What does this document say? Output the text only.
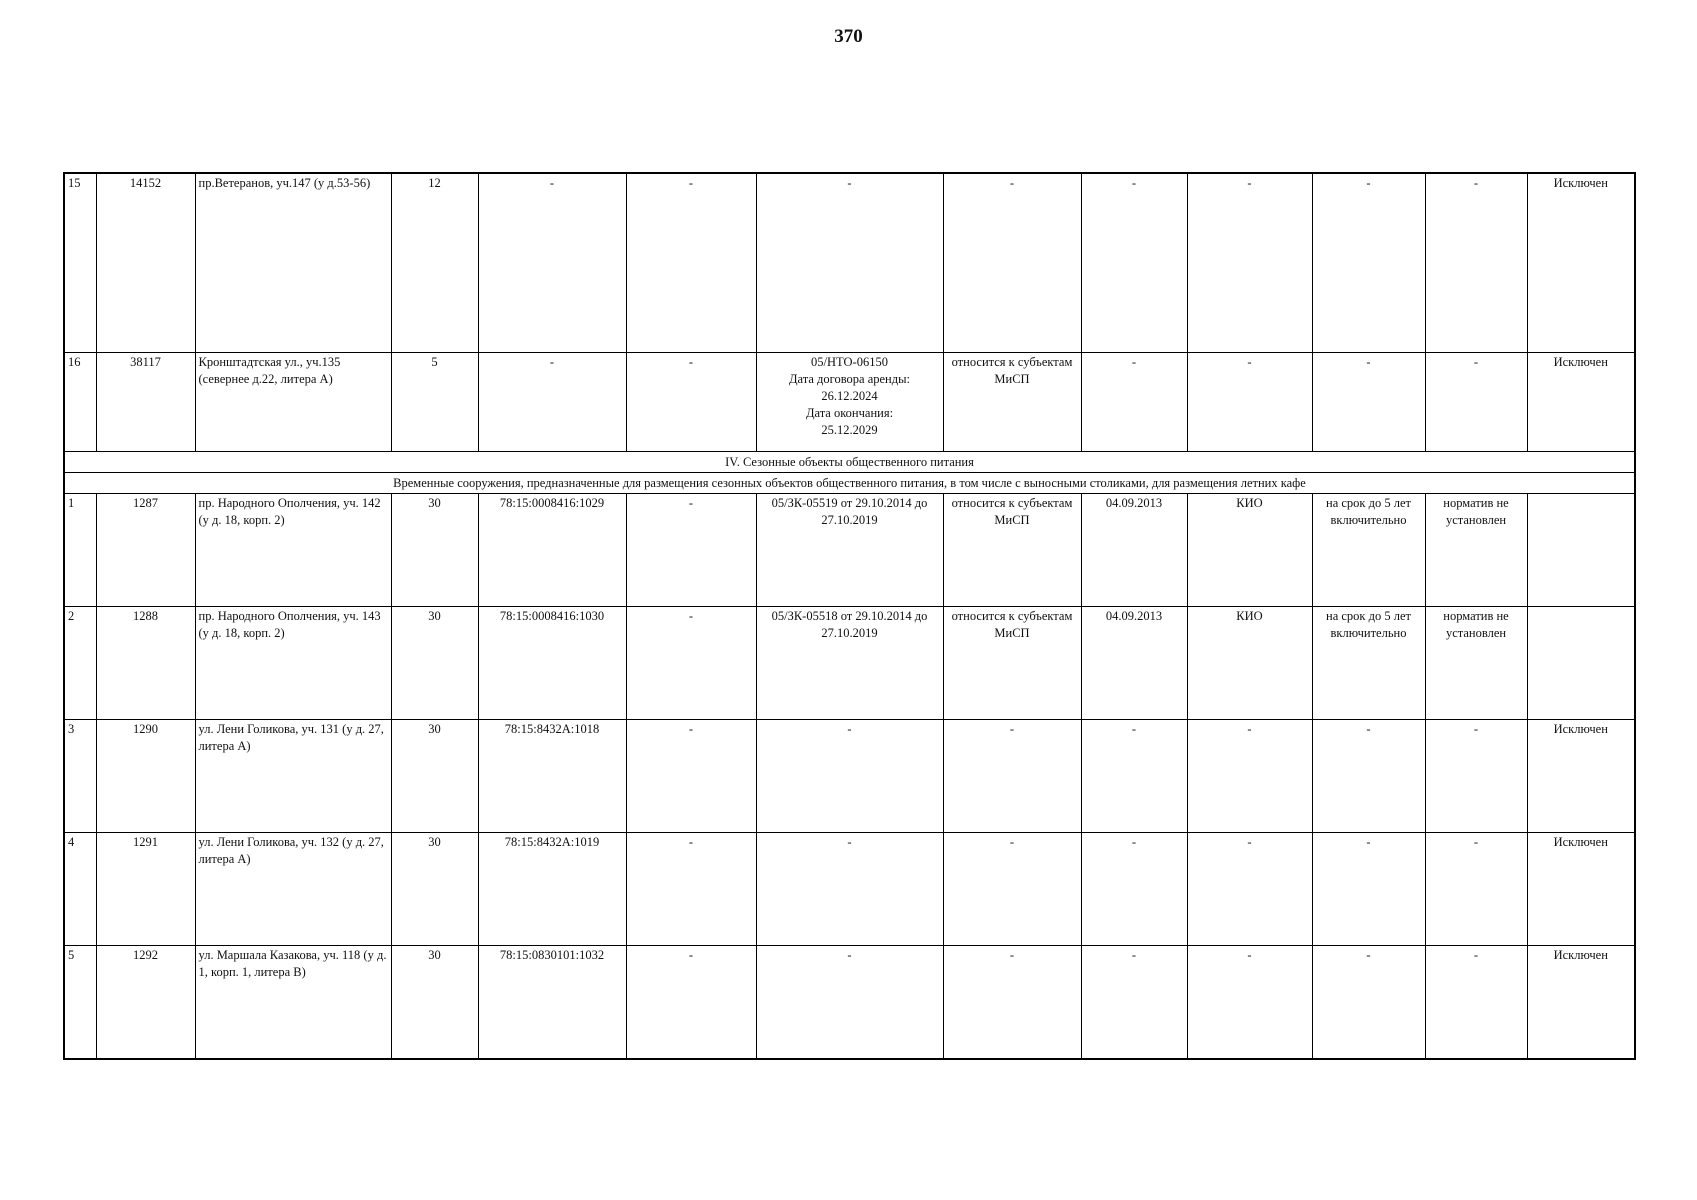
370
15	14152	пр.Ветеранов, уч.147 (у д.53-56)	12	-	-	-	-	-	-	-	-	Исключен
16	38117	Кронштадтская ул., уч.135 (севернее д.22, литера А)	5	-	-	05/НТО-06150
Дата договора аренды:
26.12.2024
Дата окончания:
25.12.2029	относится к субъектам МиСП	-	-	-	-	Исключен
IV. Сезонные объекты общественного питания												
Временные сооружения, предназначенные для размещения сезонных объектов общественного питания, в том числе с выносными столиками, для размещения летних кафе												
1	1287	пр. Народного Ополчения, уч. 142 (у д. 18, корп. 2)	30	78:15:0008416:1029	-	05/ЗК-05519 от 29.10.2014 до 27.10.2019	относится к субъектам МиСП	04.09.2013	КИО	на срок до 5 лет включительно	норматив не установлен	
2	1288	пр. Народного Ополчения, уч. 143 (у д. 18, корп. 2)	30	78:15:0008416:1030	-	05/ЗК-05518 от 29.10.2014 до 27.10.2019	относится к субъектам МиСП	04.09.2013	КИО	на срок до 5 лет включительно	норматив не установлен	
3	1290	ул. Лени Голикова, уч. 131 (у д. 27, литера А)	30	78:15:8432А:1018	-	-	-	-	-	-	-	Исключен
4	1291	ул. Лени Голикова, уч. 132 (у д. 27, литера А)	30	78:15:8432А:1019	-	-	-	-	-	-	-	Исключен
5	1292	ул. Маршала Казакова, уч. 118 (у д. 1, корп. 1, литера В)	30	78:15:0830101:1032	-	-	-	-	-	-	-	Исключен
